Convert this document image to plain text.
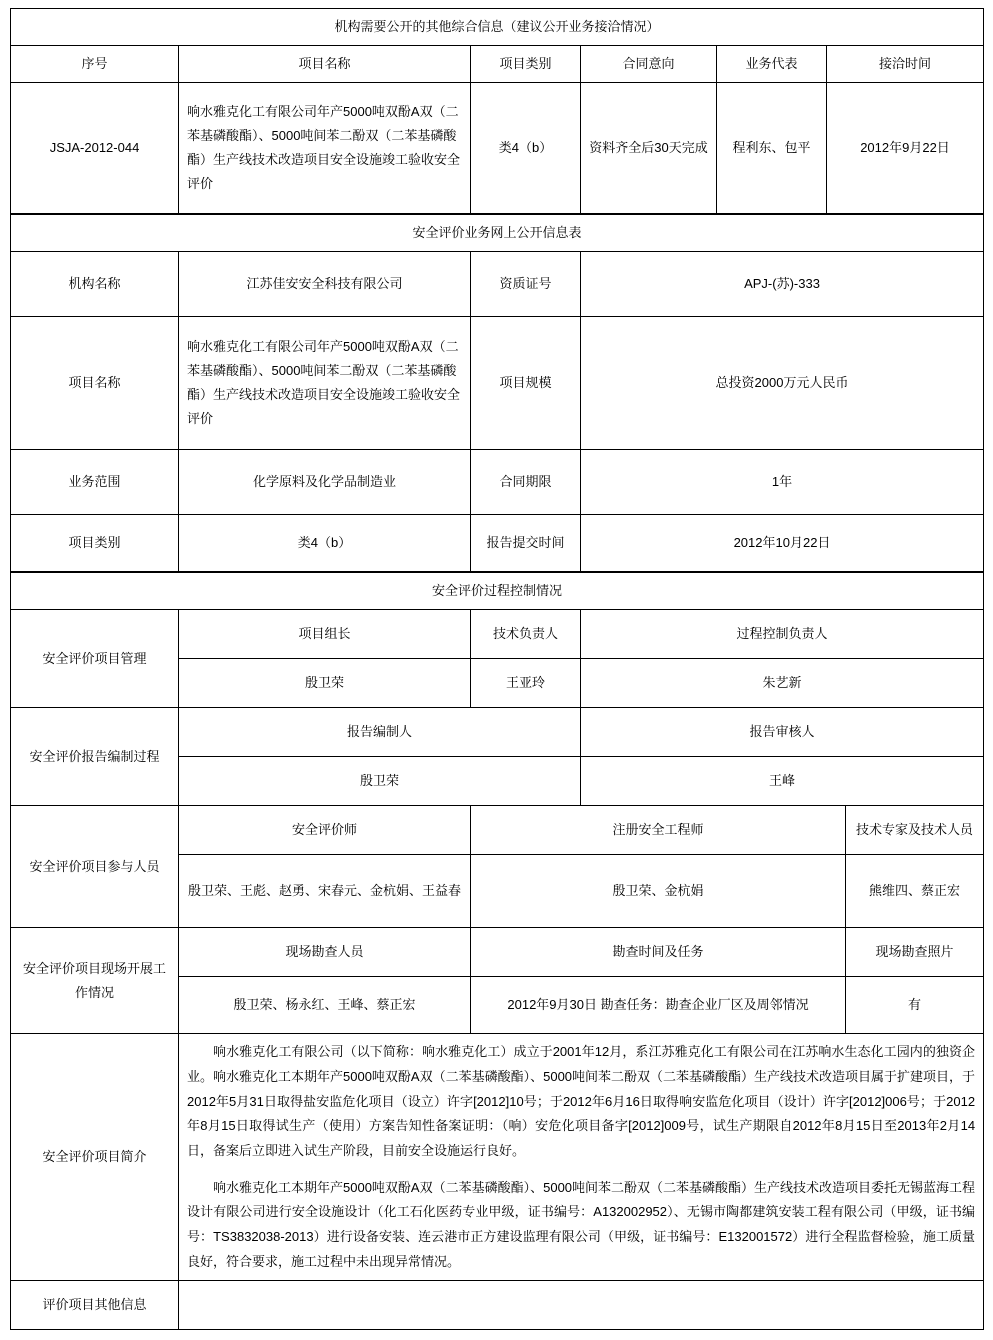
机构需要公开的其他综合信息（建议公开业务接洽情况）					
序号	项目名称	项目类别	合同意向	业务代表	接洽时间
JSJA-2012-044	响水雅克化工有限公司年产5000吨双酚A双（二苯基磷酸酯）、5000吨间苯二酚双（二苯基磷酸酯）生产线技术改造项目安全设施竣工验收安全评价	类4（b）	资料齐全后30天完成	程利东、包平	2012年9月22日
安全评价业务网上公开信息表			
机构名称	江苏佳安安全科技有限公司	资质证号	APJ-(苏)-333
项目名称	响水雅克化工有限公司年产5000吨双酚A双（二苯基磷酸酯）、5000吨间苯二酚双（二苯基磷酸酯）生产线技术改造项目安全设施竣工验收安全评价	项目规模	总投资2000万元人民币
业务范围	化学原料及化学品制造业	合同期限	1年
项目类别	类4（b）	报告提交时间	2012年10月22日
安全评价过程控制情况				
安全评价项目管理	项目组长	技术负责人	过程控制负责人	
	殷卫荣	王亚玲	朱艺新	
安全评价报告编制过程	报告编制人		报告审核人	
	殷卫荣		王峰	
安全评价项目参与人员	安全评价师	注册安全工程师		技术专家及技术人员
	殷卫荣、王彪、赵勇、宋春元、金杭娟、王益春	殷卫荣、金杭娟		熊维四、蔡正宏
安全评价项目现场开展工作情况	现场勘查人员	勘查时间及任务		现场勘查照片
	殷卫荣、杨永红、王峰、蔡正宏	2012年9月30日 勘查任务：勘查企业厂区及周邻情况		有
安全评价项目简介	响水雅克化工有限公司（以下简称：响水雅克化工）成立于2001年12月，系江苏雅克化工有限公司在江苏响水生态化工园内的独资企业。响水雅克化工本期年产5000吨双酚A双（二苯基磷酸酯）、5000吨间苯二酚双（二苯基磷酸酯）生产线技术改造项目属于扩建项目，于2012年5月31日取得盐安监危化项目（设立）许字[2012]10号；于2012年6月16日取得响安监危化项目（设计）许字[2012]006号；于2012年8月15日取得试生产（使用）方案告知性备案证明：（响）安危化项目备字[2012]009号，试生产期限自2012年8月15日至2013年2月14日，备案后立即进入试生产阶段，目前安全设施运行良好。

响水雅克化工本期年产5000吨双酚A双（二苯基磷酸酯）、5000吨间苯二酚双（二苯基磷酸酯）生产线技术改造项目委托无锡蓝海工程设计有限公司进行安全设施设计（化工石化医药专业甲级，证书编号：A132002952）、无锡市陶都建筑安装工程有限公司（甲级，证书编号：TS3832038-2013）进行设备安装、连云港市正方建设监理有限公司（甲级，证书编号：E132001572）进行全程监督检验，施工质量良好，符合要求，施工过程中未出现异常情况。			

评价项目其他信息				
